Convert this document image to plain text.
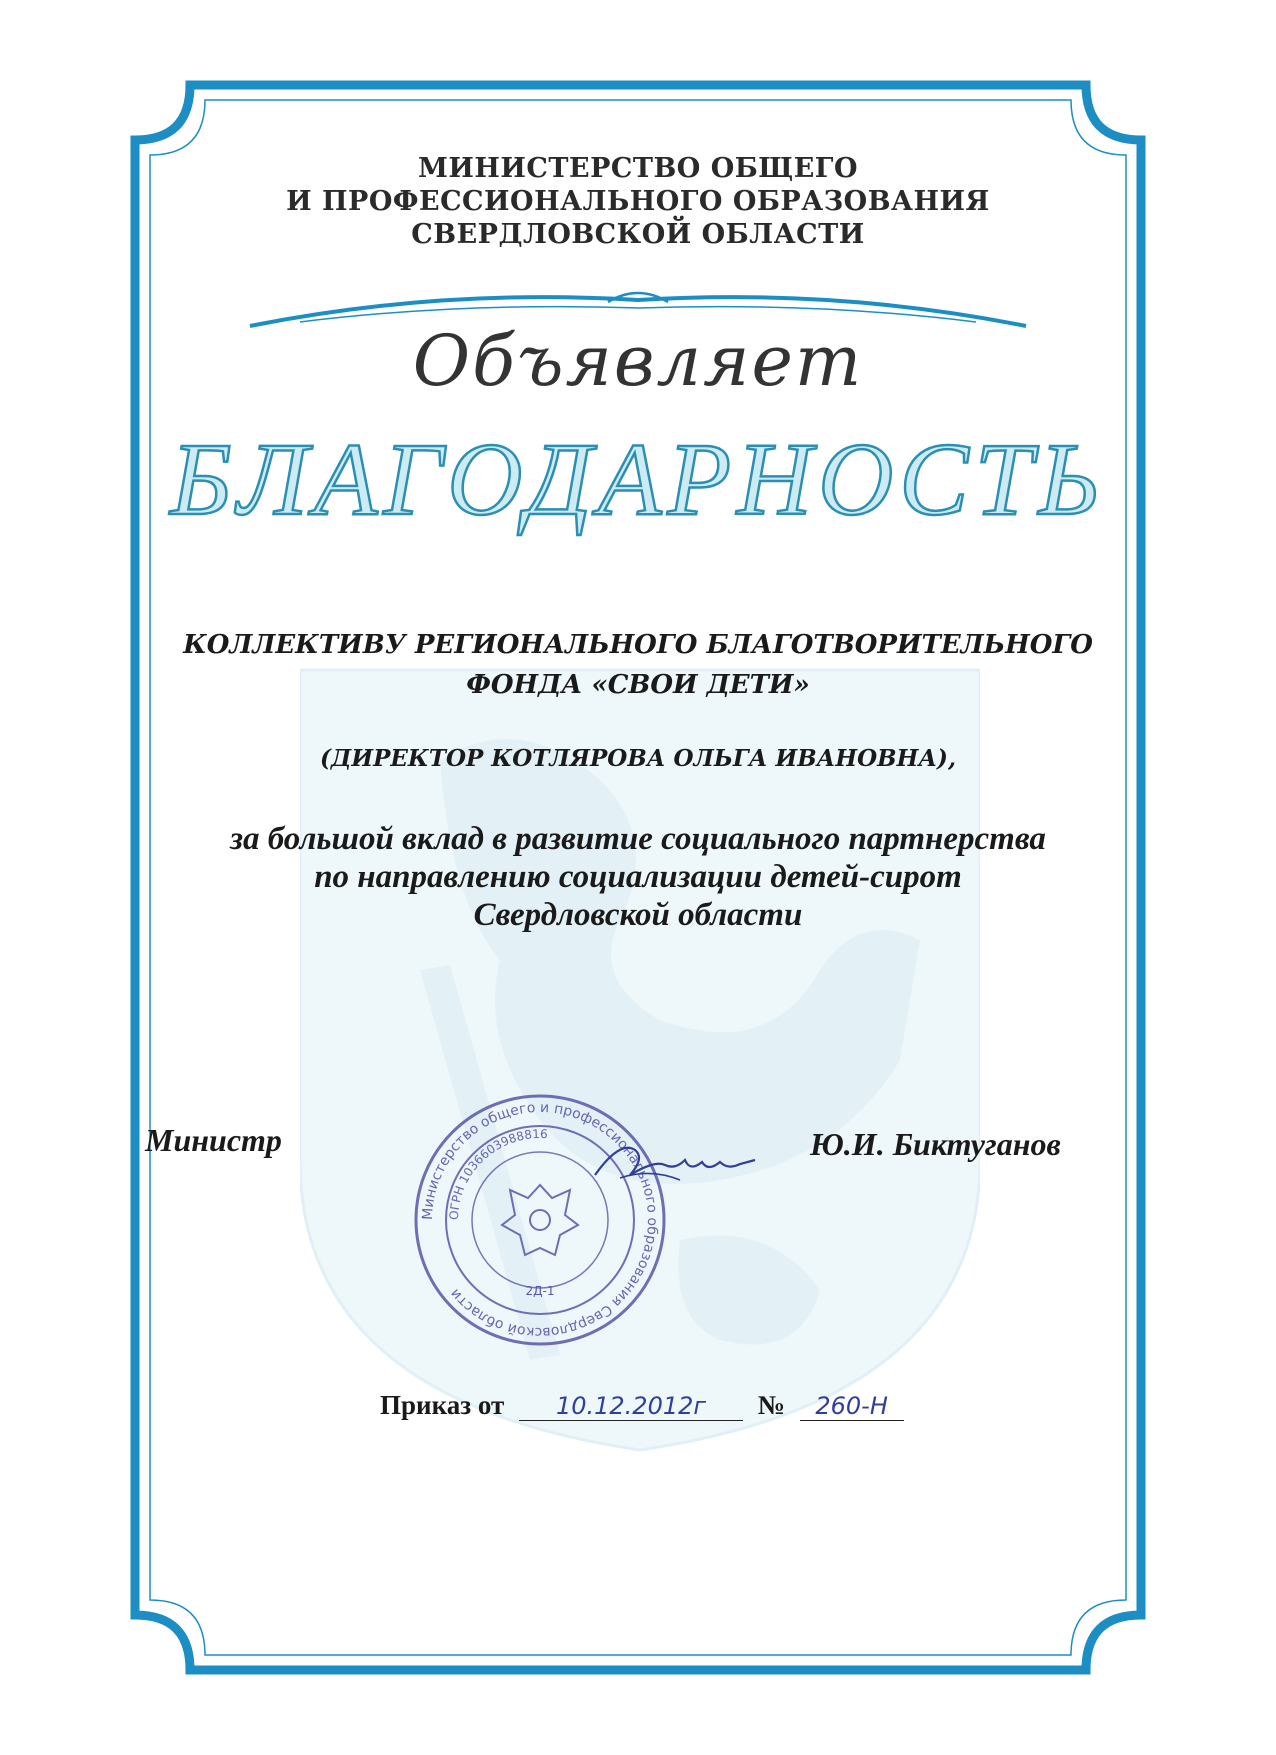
МИНИСТЕРСТВО ОБЩЕГО
И ПРОФЕССИОНАЛЬНОГО ОБРАЗОВАНИЯ
СВЕРДЛОВСКОЙ ОБЛАСТИ
Объявляет
БЛАГОДАРНОСТЬ
КОЛЛЕКТИВУ РЕГИОНАЛЬНОГО БЛАГОТВОРИТЕЛЬНОГО
ФОНДА «СВОИ ДЕТИ»
(ДИРЕКТОР КОТЛЯРОВА ОЛЬГА ИВАНОВНА),
за большой вклад в развитие социального партнерства
по направлению социализации детей-сирот
Свердловской области
Министр	Ю.И. Биктуганов
Министерство общего и профессионального образования Свердловской области
ОГРН 1036603988816
2Д-1
Приказ от 10.12.2012г № 260-Н
